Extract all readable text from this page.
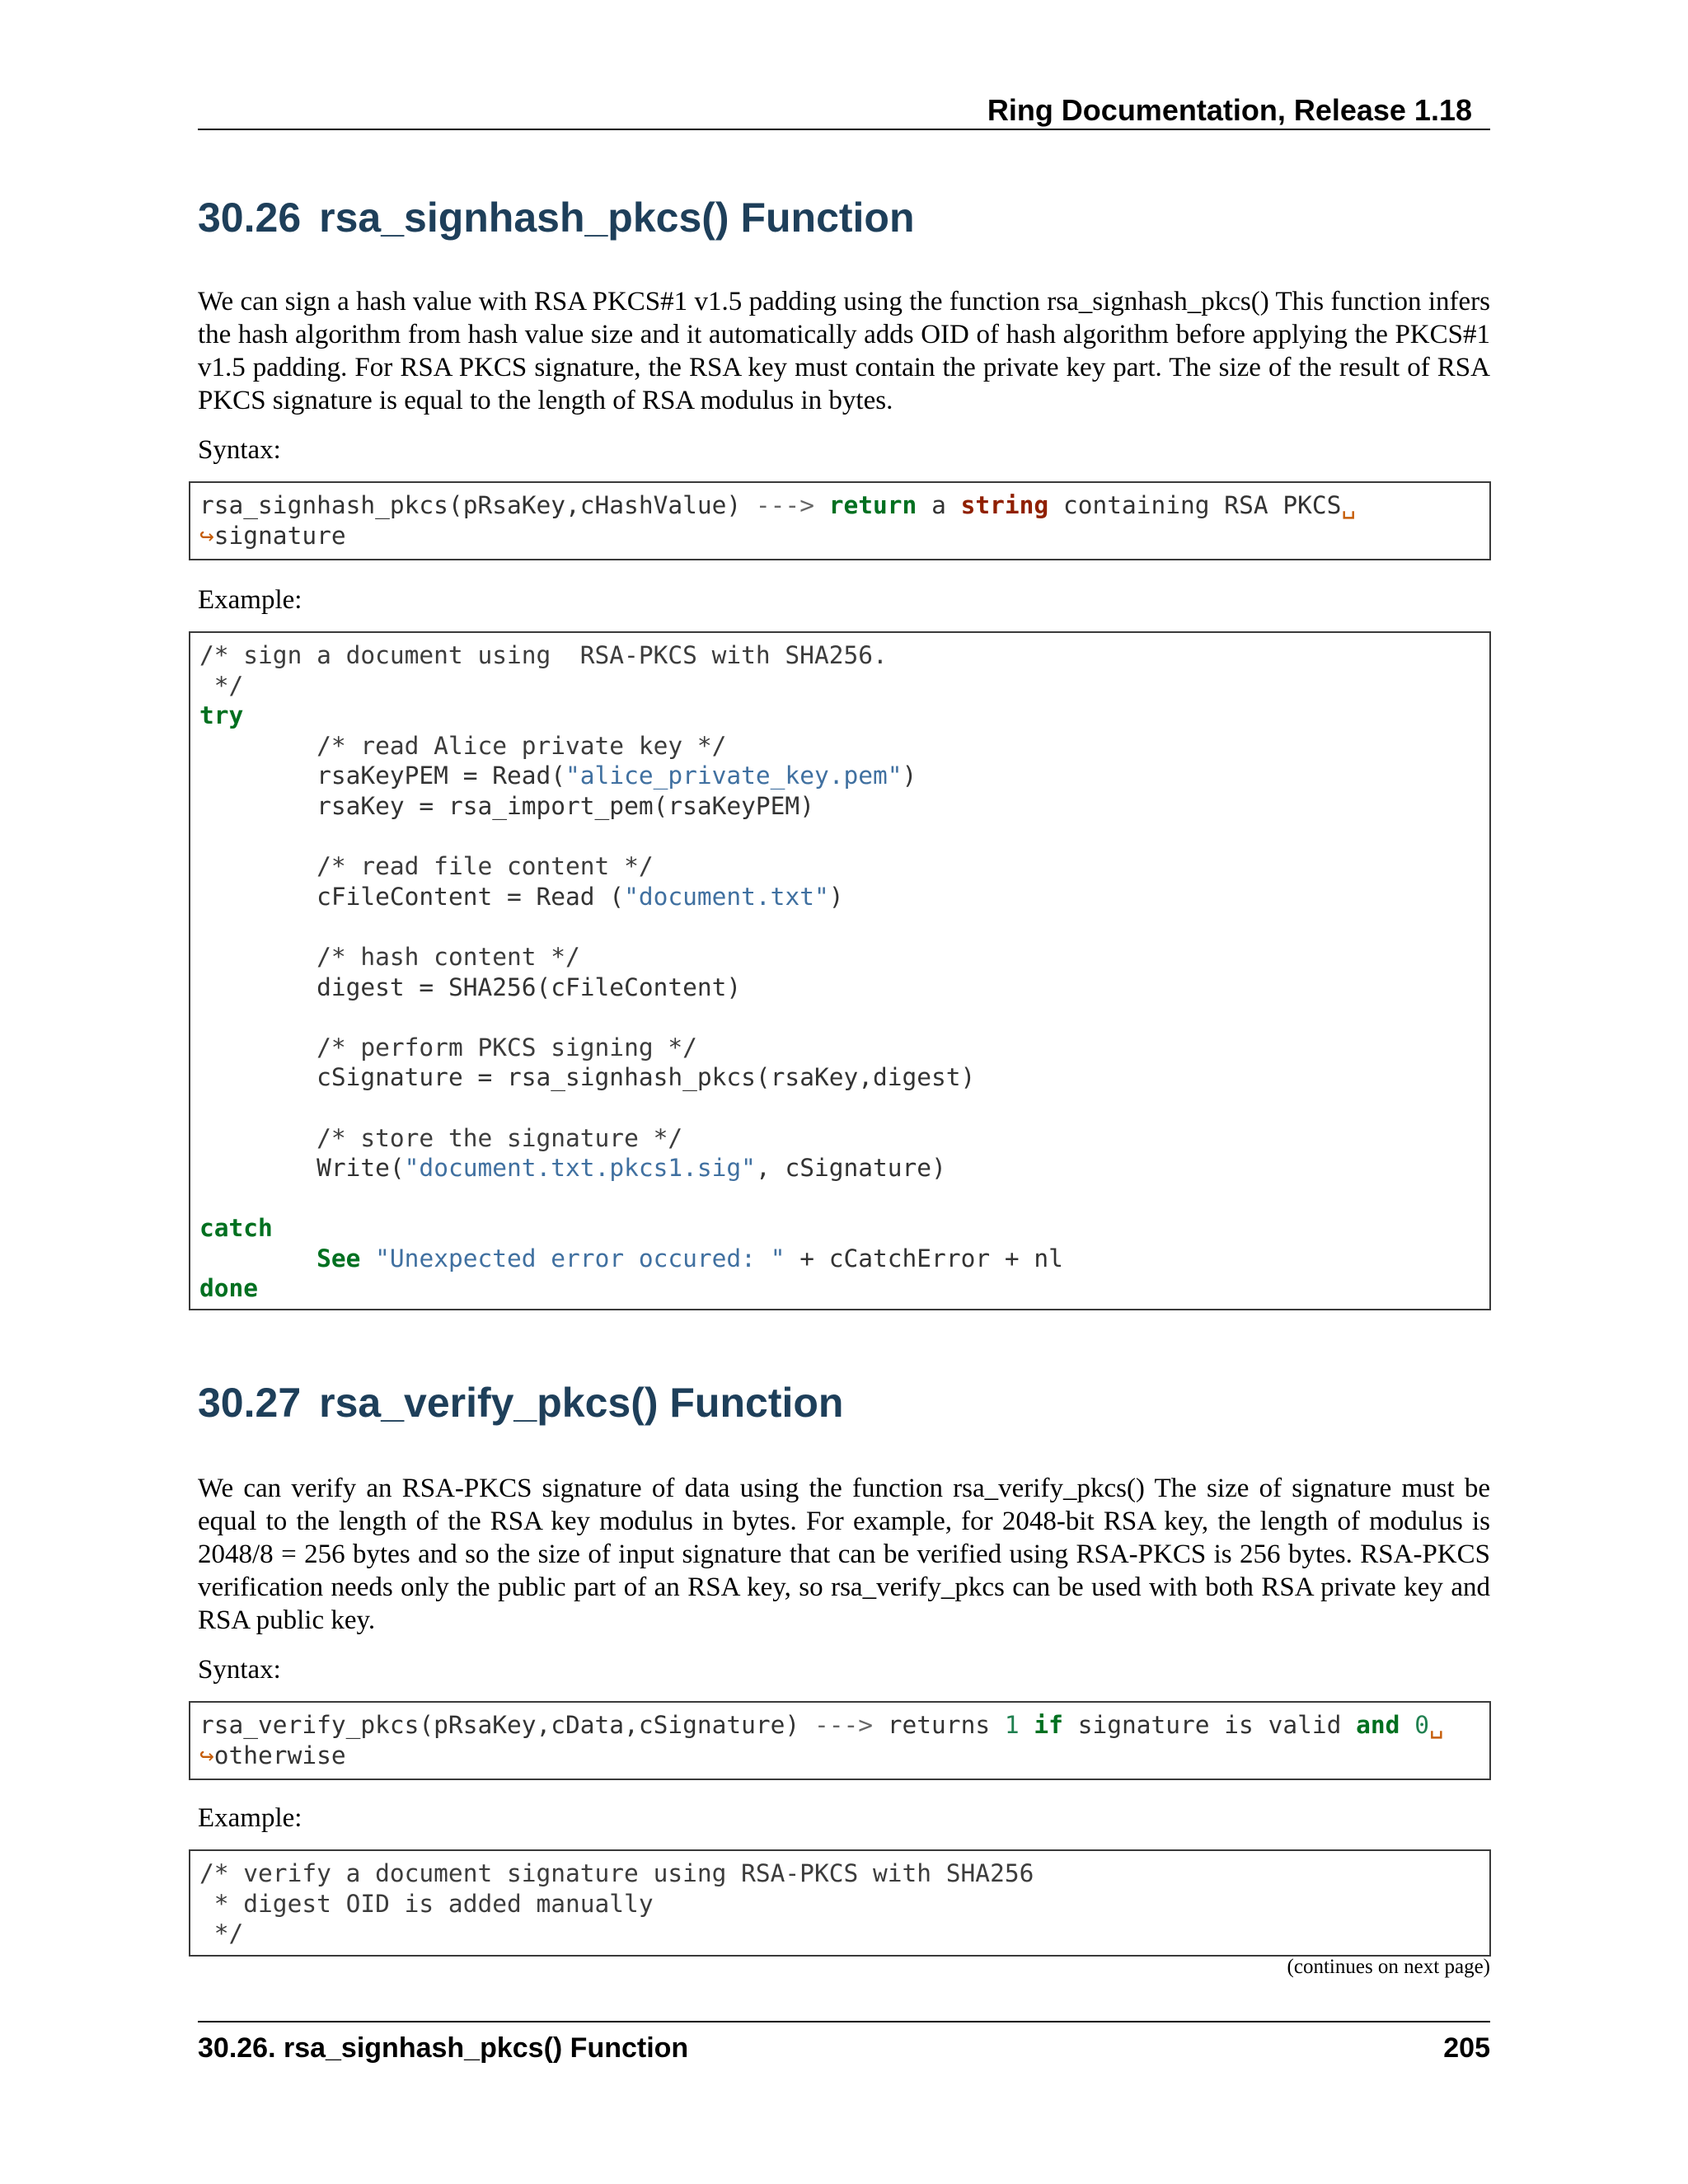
Ring Documentation, Release 1.18
30.26 rsa_signhash_pkcs() Function

We can sign a hash value with RSA PKCS#1 v1.5 padding using the function rsa_signhash_pkcs() This function infers the hash algorithm from hash value size and it automatically adds OID of hash algorithm before applying the PKCS#1 v1.5 padding. For RSA PKCS signature, the RSA key must contain the private key part. The size of the result of RSA PKCS signature is equal to the length of RSA modulus in bytes.

Syntax:

rsa_signhash_pkcs(pRsaKey,cHashValue) ---> return a string containing RSA PKCS␣
↪signature

Example:

/* sign a document using  RSA-PKCS with SHA256.
*/
try
/* read Alice private key */
rsaKeyPEM = Read("alice_private_key.pem")
rsaKey = rsa_import_pem(rsaKeyPEM)

/* read file content */
cFileContent = Read ("document.txt")

/* hash content */
digest = SHA256(cFileContent)

/* perform PKCS signing */
cSignature = rsa_signhash_pkcs(rsaKey,digest)

/* store the signature */
Write("document.txt.pkcs1.sig", cSignature)

catch
See "Unexpected error occured: " + cCatchError + nl
done
30.27 rsa_verify_pkcs() Function

We can verify an RSA-PKCS signature of data using the function rsa_verify_pkcs() The size of signature must be equal to the length of the RSA key modulus in bytes. For example, for 2048-bit RSA key, the length of modulus is 2048/8 = 256 bytes and so the size of input signature that can be verified using RSA-PKCS is 256 bytes. RSA-PKCS verification needs only the public part of an RSA key, so rsa_verify_pkcs can be used with both RSA private key and RSA public key.

Syntax:

rsa_verify_pkcs(pRsaKey,cData,cSignature) ---> returns 1 if signature is valid and 0␣
↪otherwise

Example:

/* verify a document signature using RSA-PKCS with SHA256
* digest OID is added manually
*/

(continues on next page)

30.26. rsa_signhash_pkcs() Function	205
